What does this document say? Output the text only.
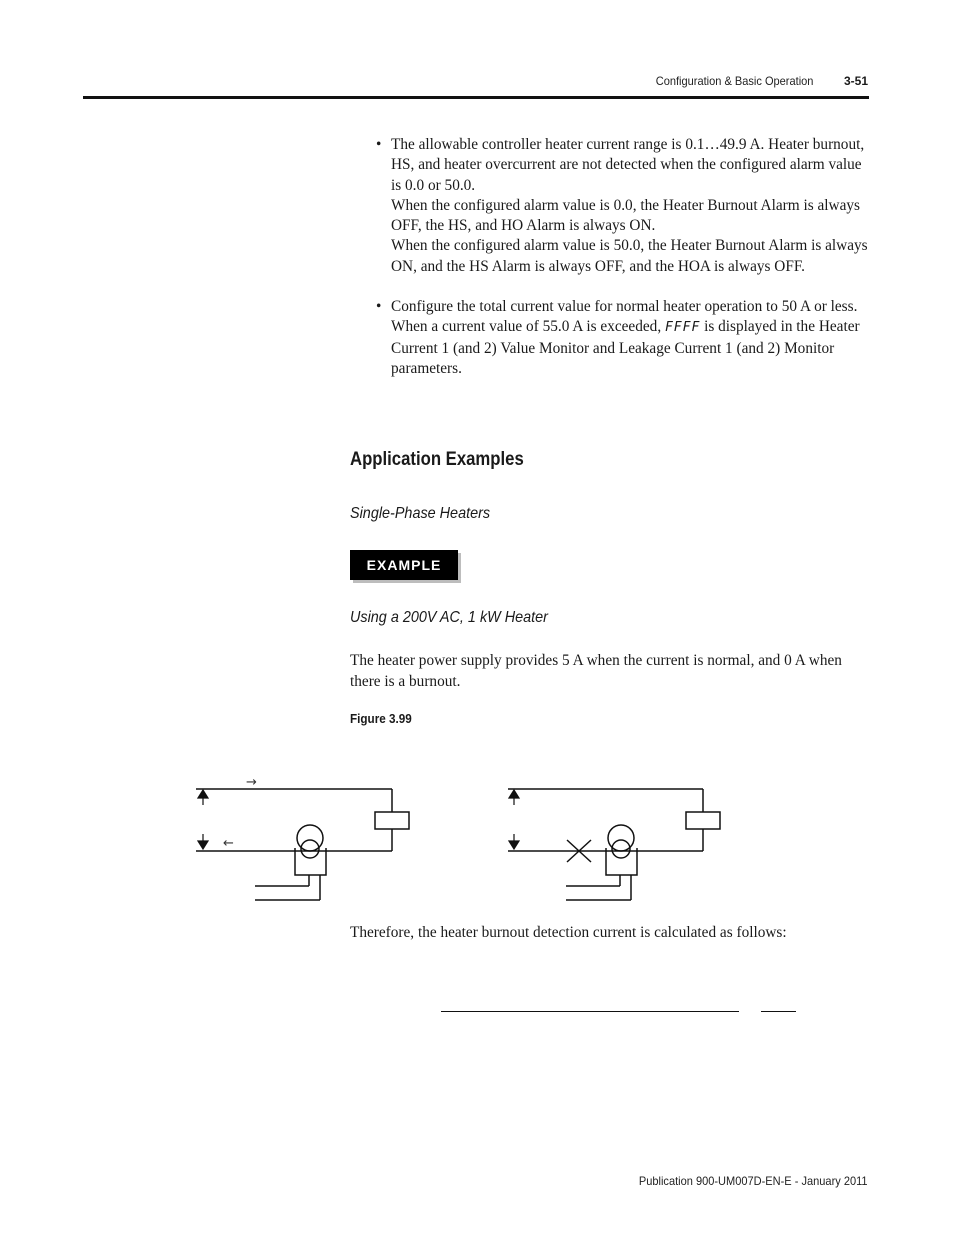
Configuration & Basic Operation	3-51
• The allowable controller heater current range is 0.1…49.9 A. Heater burnout, HS, and heater overcurrent are not detected when the configured alarm value is 0.0 or 50.0.

When the configured alarm value is 0.0, the Heater Burnout Alarm is always OFF, the HS, and HO Alarm is always ON.

When the configured alarm value is 50.0, the Heater Burnout Alarm is always ON, and the HS Alarm is always OFF, and the HOA is always OFF.

• Configure the total current value for normal heater operation to 50 A or less. When a current value of 55.0 A is exceeded, FFFF is displayed in the Heater Current 1 (and 2) Value Monitor and Leakage Current 1 (and 2) Monitor parameters.

Application Examples
Single-Phase Heaters
EXAMPLE
Using a 200V AC, 1 kW Heater

The heater power supply provides 5 A when the current is normal, and 0 A when there is a burnout.

Figure 3.99
→
←

Therefore, the heater burnout detection current is calculated as follows:

Publication 900-UM007D-EN-E - January 2011
